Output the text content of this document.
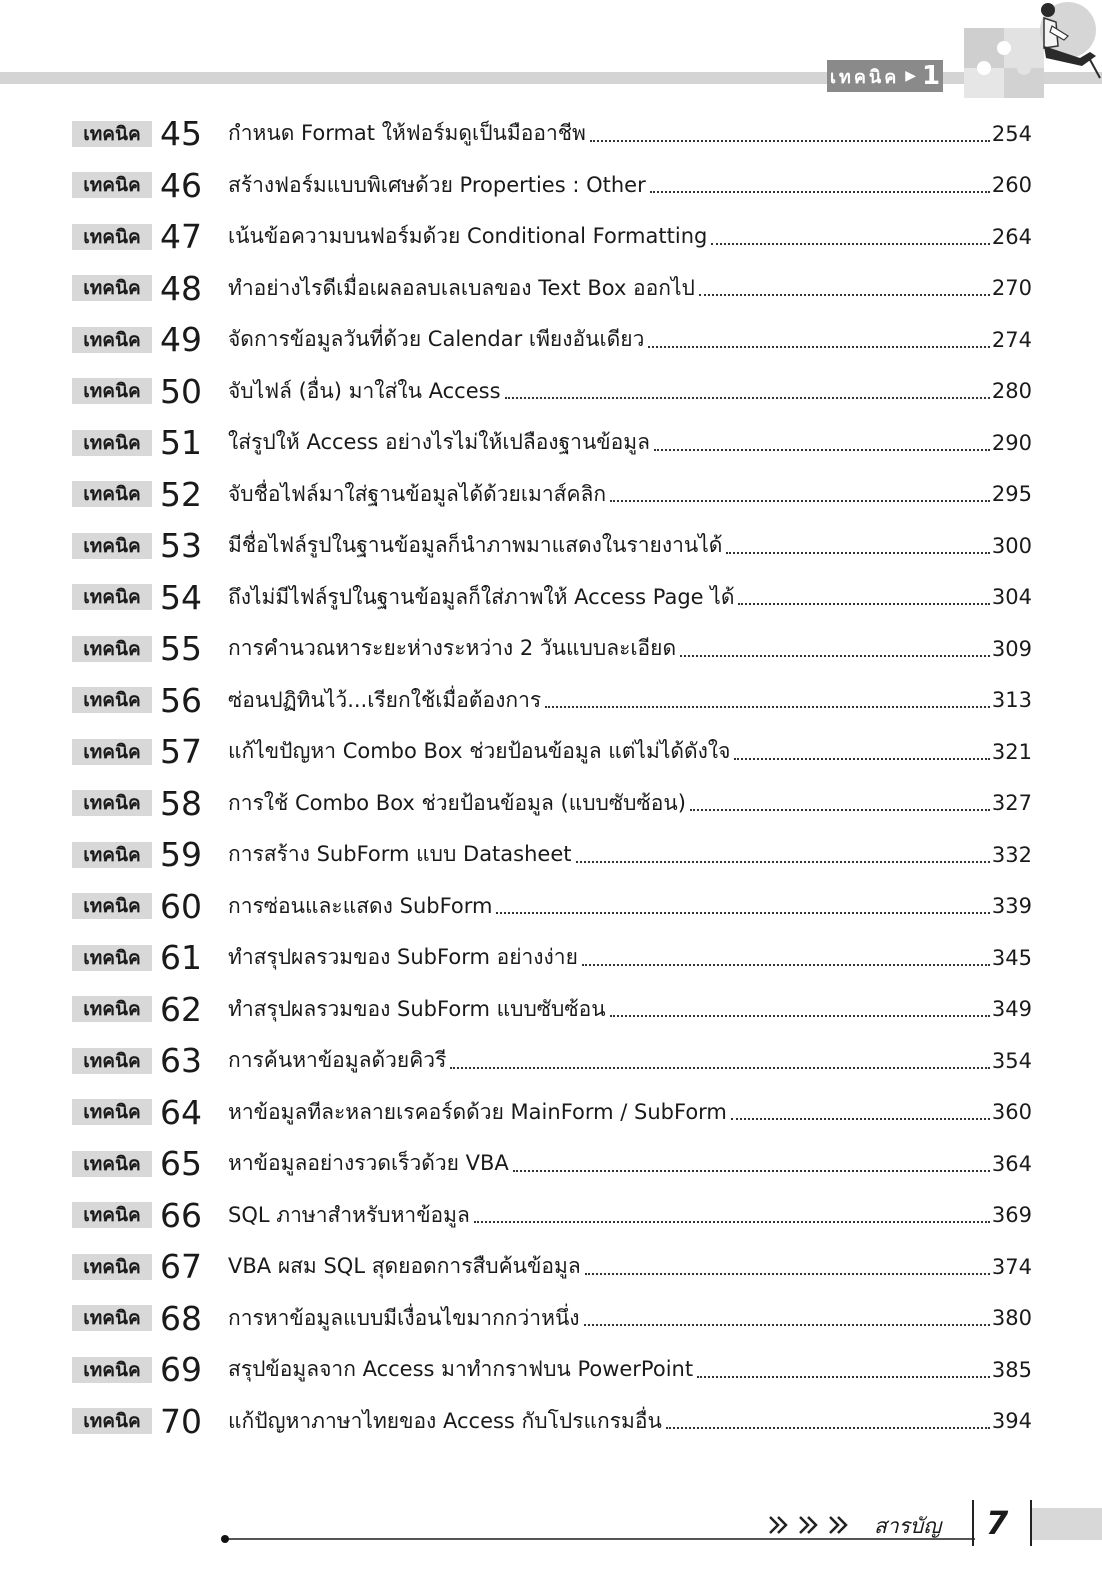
เทคนิค ▶ 1
เทคนิค 45	กำหนด Format ให้ฟอร์มดูเป็นมืออาชีพ	254
เทคนิค 46	สร้างฟอร์มแบบพิเศษด้วย Properties : Other	260
เทคนิค 47	เน้นข้อความบนฟอร์มด้วย Conditional Formatting	264
เทคนิค 48	ทำอย่างไรดีเมื่อเผลอลบเลเบลของ Text Box ออกไป	270
เทคนิค 49	จัดการข้อมูลวันที่ด้วย Calendar เพียงอันเดียว	274
เทคนิค 50	จับไฟล์ (อื่น) มาใส่ใน Access	280
เทคนิค 51	ใส่รูปให้ Access อย่างไรไม่ให้เปลืองฐานข้อมูล	290
เทคนิค 52	จับชื่อไฟล์มาใส่ฐานข้อมูลได้ด้วยเมาส์คลิก	295
เทคนิค 53	มีชื่อไฟล์รูปในฐานข้อมูลก็นำภาพมาแสดงในรายงานได้	300
เทคนิค 54	ถึงไม่มีไฟล์รูปในฐานข้อมูลก็ใส่ภาพให้ Access Page ได้	304
เทคนิค 55	การคำนวณหาระยะห่างระหว่าง 2 วันแบบละเอียด	309
เทคนิค 56	ซ่อนปฏิทินไว้...เรียกใช้เมื่อต้องการ	313
เทคนิค 57	แก้ไขปัญหา Combo Box ช่วยป้อนข้อมูล แต่ไม่ได้ดังใจ	321
เทคนิค 58	การใช้ Combo Box ช่วยป้อนข้อมูล (แบบซับซ้อน)	327
เทคนิค 59	การสร้าง SubForm แบบ Datasheet	332
เทคนิค 60	การซ่อนและแสดง SubForm	339
เทคนิค 61	ทำสรุปผลรวมของ SubForm อย่างง่าย	345
เทคนิค 62	ทำสรุปผลรวมของ SubForm แบบซับซ้อน	349
เทคนิค 63	การค้นหาข้อมูลด้วยคิวรี	354
เทคนิค 64	หาข้อมูลทีละหลายเรคอร์ดด้วย MainForm / SubForm	360
เทคนิค 65	หาข้อมูลอย่างรวดเร็วด้วย VBA	364
เทคนิค 66	SQL ภาษาสำหรับหาข้อมูล	369
เทคนิค 67	VBA ผสม SQL สุดยอดการสืบค้นข้อมูล	374
เทคนิค 68	การหาข้อมูลแบบมีเงื่อนไขมากกว่าหนึ่ง	380
เทคนิค 69	สรุปข้อมูลจาก Access มาทำกราฟบน PowerPoint	385
เทคนิค 70	แก้ปัญหาภาษาไทยของ Access กับโปรแกรมอื่น	394
สารบัญ 7
